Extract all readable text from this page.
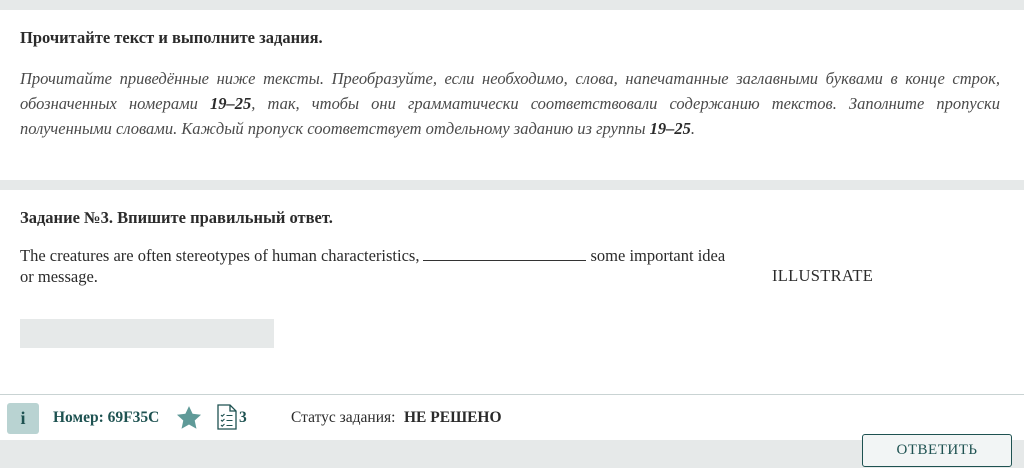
Прочитайте текст и выполните задания.

Прочитайте приведённые ниже тексты. Преобразуйте, если необходимо, слова, напечатанные заглавными буквами в конце строк, обозначенных номерами 19–25, так, чтобы они грамматически соответствовали содержанию текстов. Заполните пропуски полученными словами. Каждый пропуск соответствует отдельному заданию из группы 19–25.

Задание №3. Впишите правильный ответ.
The creatures are often stereotypes of human characteristics,	some important idea
or message.	ILLUSTRATE
i Номер: 69F35C	3	Статус задания: НЕ РЕШЕНО
ОТВЕТИТЬ
